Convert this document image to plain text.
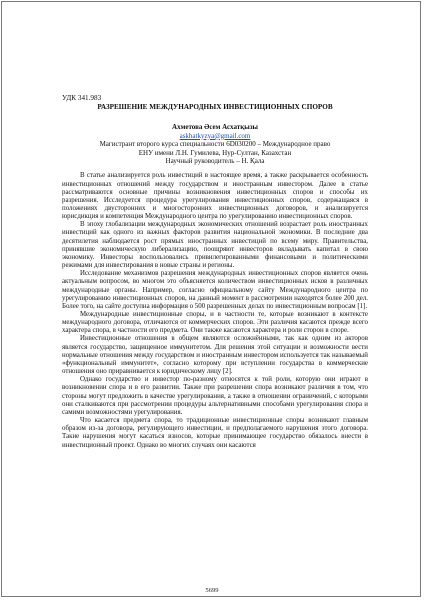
УДК 341.983
РАЗРЕШЕНИЕ МЕЖДУНАРОДНЫХ ИНВЕСТИЦИОННЫХ СПОРОВ
Ахметова Әсем Асхатқызы
askhatkyzya@gmail.com
Магистрант второго курса специальности 6D030200 – Международное право
ЕНУ имени Л.Н. Гумилева, Нур-Султан, Казахстан
Научный руководитель – Н. Қала

В статье анализируется роль инвестиций в настоящее время, а также раскрывается особенность инвестиционных отношений между государством и иностранным инвестором. Далее в статье рассматриваются основные причины возникновения инвестиционных споров и способы их разрешения. Исследуется процедура урегулирования инвестиционных споров, содержащаяся в положениях двусторонних и многосторонних инвестиционных договоров, и анализируется юрисдикция и компетенция Международного центра по урегулированию инвестиционных споров.

В эпоху глобализации международных экономических отношений возрастает роль иностранных инвестиций как одного из важных факторов развития национальной экономики. В последние два десятилетия наблюдается рост прямых иностранных инвестиций по всему миру. Правительства, принявшие экономическую либерализацию, поощряют инвесторов вкладывать капитал в свою экономику. Инвесторы воспользовались привилегированными финансовыми и политическими режимами для инвестирования в новые страны и регионы.

Исследование механизмов разрешения международных инвестиционных споров является очень актуальным вопросом, во многом это объясняется количеством инвестиционных исков в различных международные органы. Например, согласно официальному сайту Международного центра по урегулированию инвестиционных споров, на данный момент в рассмотрении находятся более 200 дел. Более того, на сайте доступна информация о 500 разрешенных делах по инвестиционным вопросам [1].

Международные инвестиционные споры, и в частности те, которые возникают в контексте международного договора, отличаются от коммерческих споров. Эти различия касаются прежде всего характера спора, в частности его предмета. Они также касаются характера и роли сторон в споре.

Инвестиционные отношения в общем являются осложнёнными, так как одним из акторов является государство, защищенное иммунитетом. Для решения этой ситуации и возможности вести нормальные отношения между государством и иностранным инвестором используется так называемый «функциональный иммунитет», согласно которому при вступлении государства в коммерческие отношения оно приравнивается к юридическому лицу [2].

Однако государство и инвестор по-разному относятся к той роли, которую они играют в возникновении спора и в его развитии. Также при разрешении спора возникают различия в том, что стороны могут предложить в качестве урегулирования, а также в отношении ограничений, с которыми они сталкиваются при рассмотрении процедуры альтернативными способами урегулирования спора и самими возможностями урегулирования.

Что касается предмета спора, то традиционные инвестиционные споры возникают главным образом из-за договора, регулирующего инвестиции, и предполагаемого нарушения этого договора. Такие нарушения могут касаться взносов, которые принимающее государство обязалось внести в инвестиционный проект. Однако во многих случаях они касаются

5699
